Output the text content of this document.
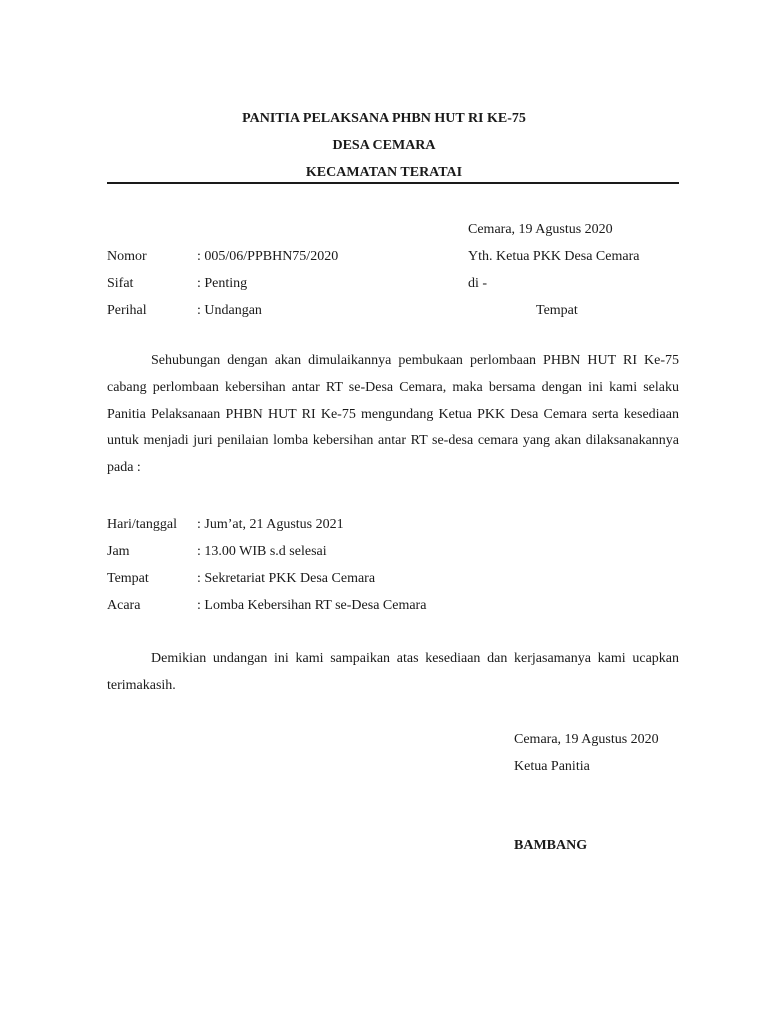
PANITIA PELAKSANA PHBN HUT RI KE-75
DESA CEMARA
KECAMATAN TERATAI
Cemara, 19 Agustus 2020
Nomor	: 005/06/PPBHN75/2020
Sifat	: Penting
Perihal	: Undangan
Yth. Ketua PKK Desa Cemara
di -
Tempat
Sehubungan dengan akan dimulaikannya pembukaan perlombaan PHBN HUT RI Ke-75 cabang perlombaan kebersihan antar RT se-Desa Cemara, maka bersama dengan ini kami selaku Panitia Pelaksanaan PHBN HUT RI Ke-75 mengundang Ketua PKK Desa Cemara serta kesediaan untuk menjadi juri penilaian lomba kebersihan antar RT se-desa cemara yang akan dilaksanakannya pada :
Hari/tanggal : Jum’at, 21 Agustus 2021
Jam	: 13.00 WIB s.d selesai
Tempat	: Sekretariat PKK Desa Cemara
Acara	: Lomba Kebersihan RT se-Desa Cemara
Demikian undangan ini kami sampaikan atas kesediaan dan kerjasamanya kami ucapkan terimakasih.
Cemara, 19 Agustus 2020
Ketua Panitia
BAMBANG
